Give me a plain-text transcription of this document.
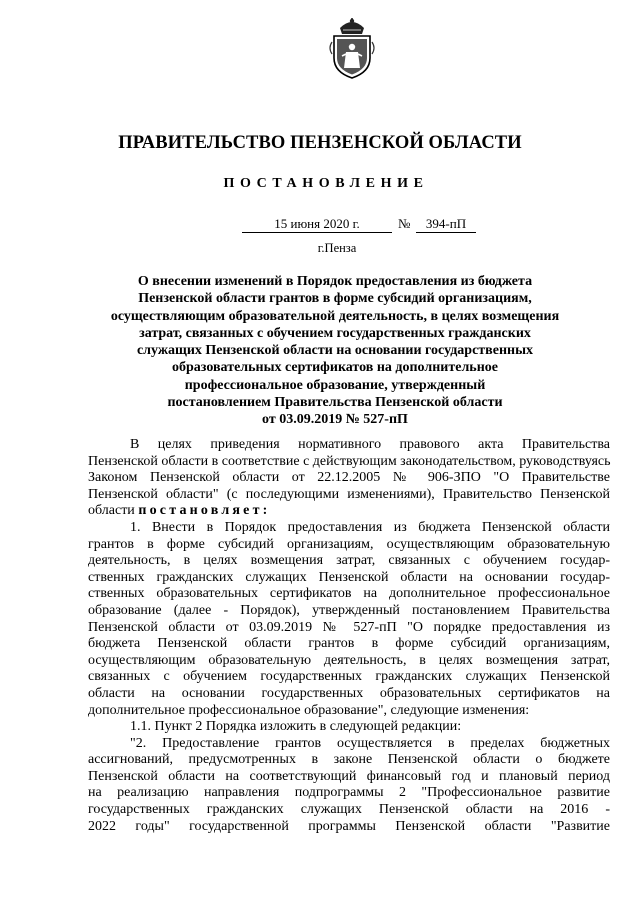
ПРАВИТЕЛЬСТВО ПЕНЗЕНСКОЙ ОБЛАСТИ
ПОСТАНОВЛЕНИЕ
15 июня 2020 г.	№	394-пП
г.Пенза
О внесении изменений в Порядок предоставления из бюджета
Пензенской области грантов в форме субсидий организациям,
осуществляющим образовательной деятельность, в целях возмещения
затрат, связанных с обучением государственных гражданских
служащих Пензенской области на основании государственных
образовательных сертификатов на дополнительное
профессиональное образование, утвержденный
постановлением Правительства Пензенской области
от 03.09.2019 № 527-пП
В целях приведения нормативного правового акта Правительства
Пензенской области в соответствие с действующим законодательством, руководствуясь
Законом Пензенской области от 22.12.2005 № 906-ЗПО "О Правительстве
Пензенской области" (с последующими изменениями), Правительство Пензенской
области постановляет:
1. Внести в Порядок предоставления из бюджета Пензенской области
грантов в форме субсидий организациям, осуществляющим образовательную
деятельность, в целях возмещения затрат, связанных с обучением государ-
ственных гражданских служащих Пензенской области на основании государ-
ственных образовательных сертификатов на дополнительное профессиональное
образование (далее - Порядок), утвержденный постановлением Правительства
Пензенской области от 03.09.2019 № 527-пП "О порядке предоставления из
бюджета Пензенской области грантов в форме субсидий организациям,
осуществляющим образовательную деятельность, в целях возмещения затрат,
связанных с обучением государственных гражданских служащих Пензенской
области на основании государственных образовательных сертификатов на
дополнительное профессиональное образование", следующие изменения:
1.1. Пункт 2 Порядка изложить в следующей редакции:
"2. Предоставление грантов осуществляется в пределах бюджетных
ассигнований, предусмотренных в законе Пензенской области о бюджете
Пензенской области на соответствующий финансовый год и плановый период
на реализацию направления подпрограммы 2 "Профессиональное развитие
государственных гражданских служащих Пензенской области на 2016 -
2022 годы" государственной программы Пензенской области "Развитие
